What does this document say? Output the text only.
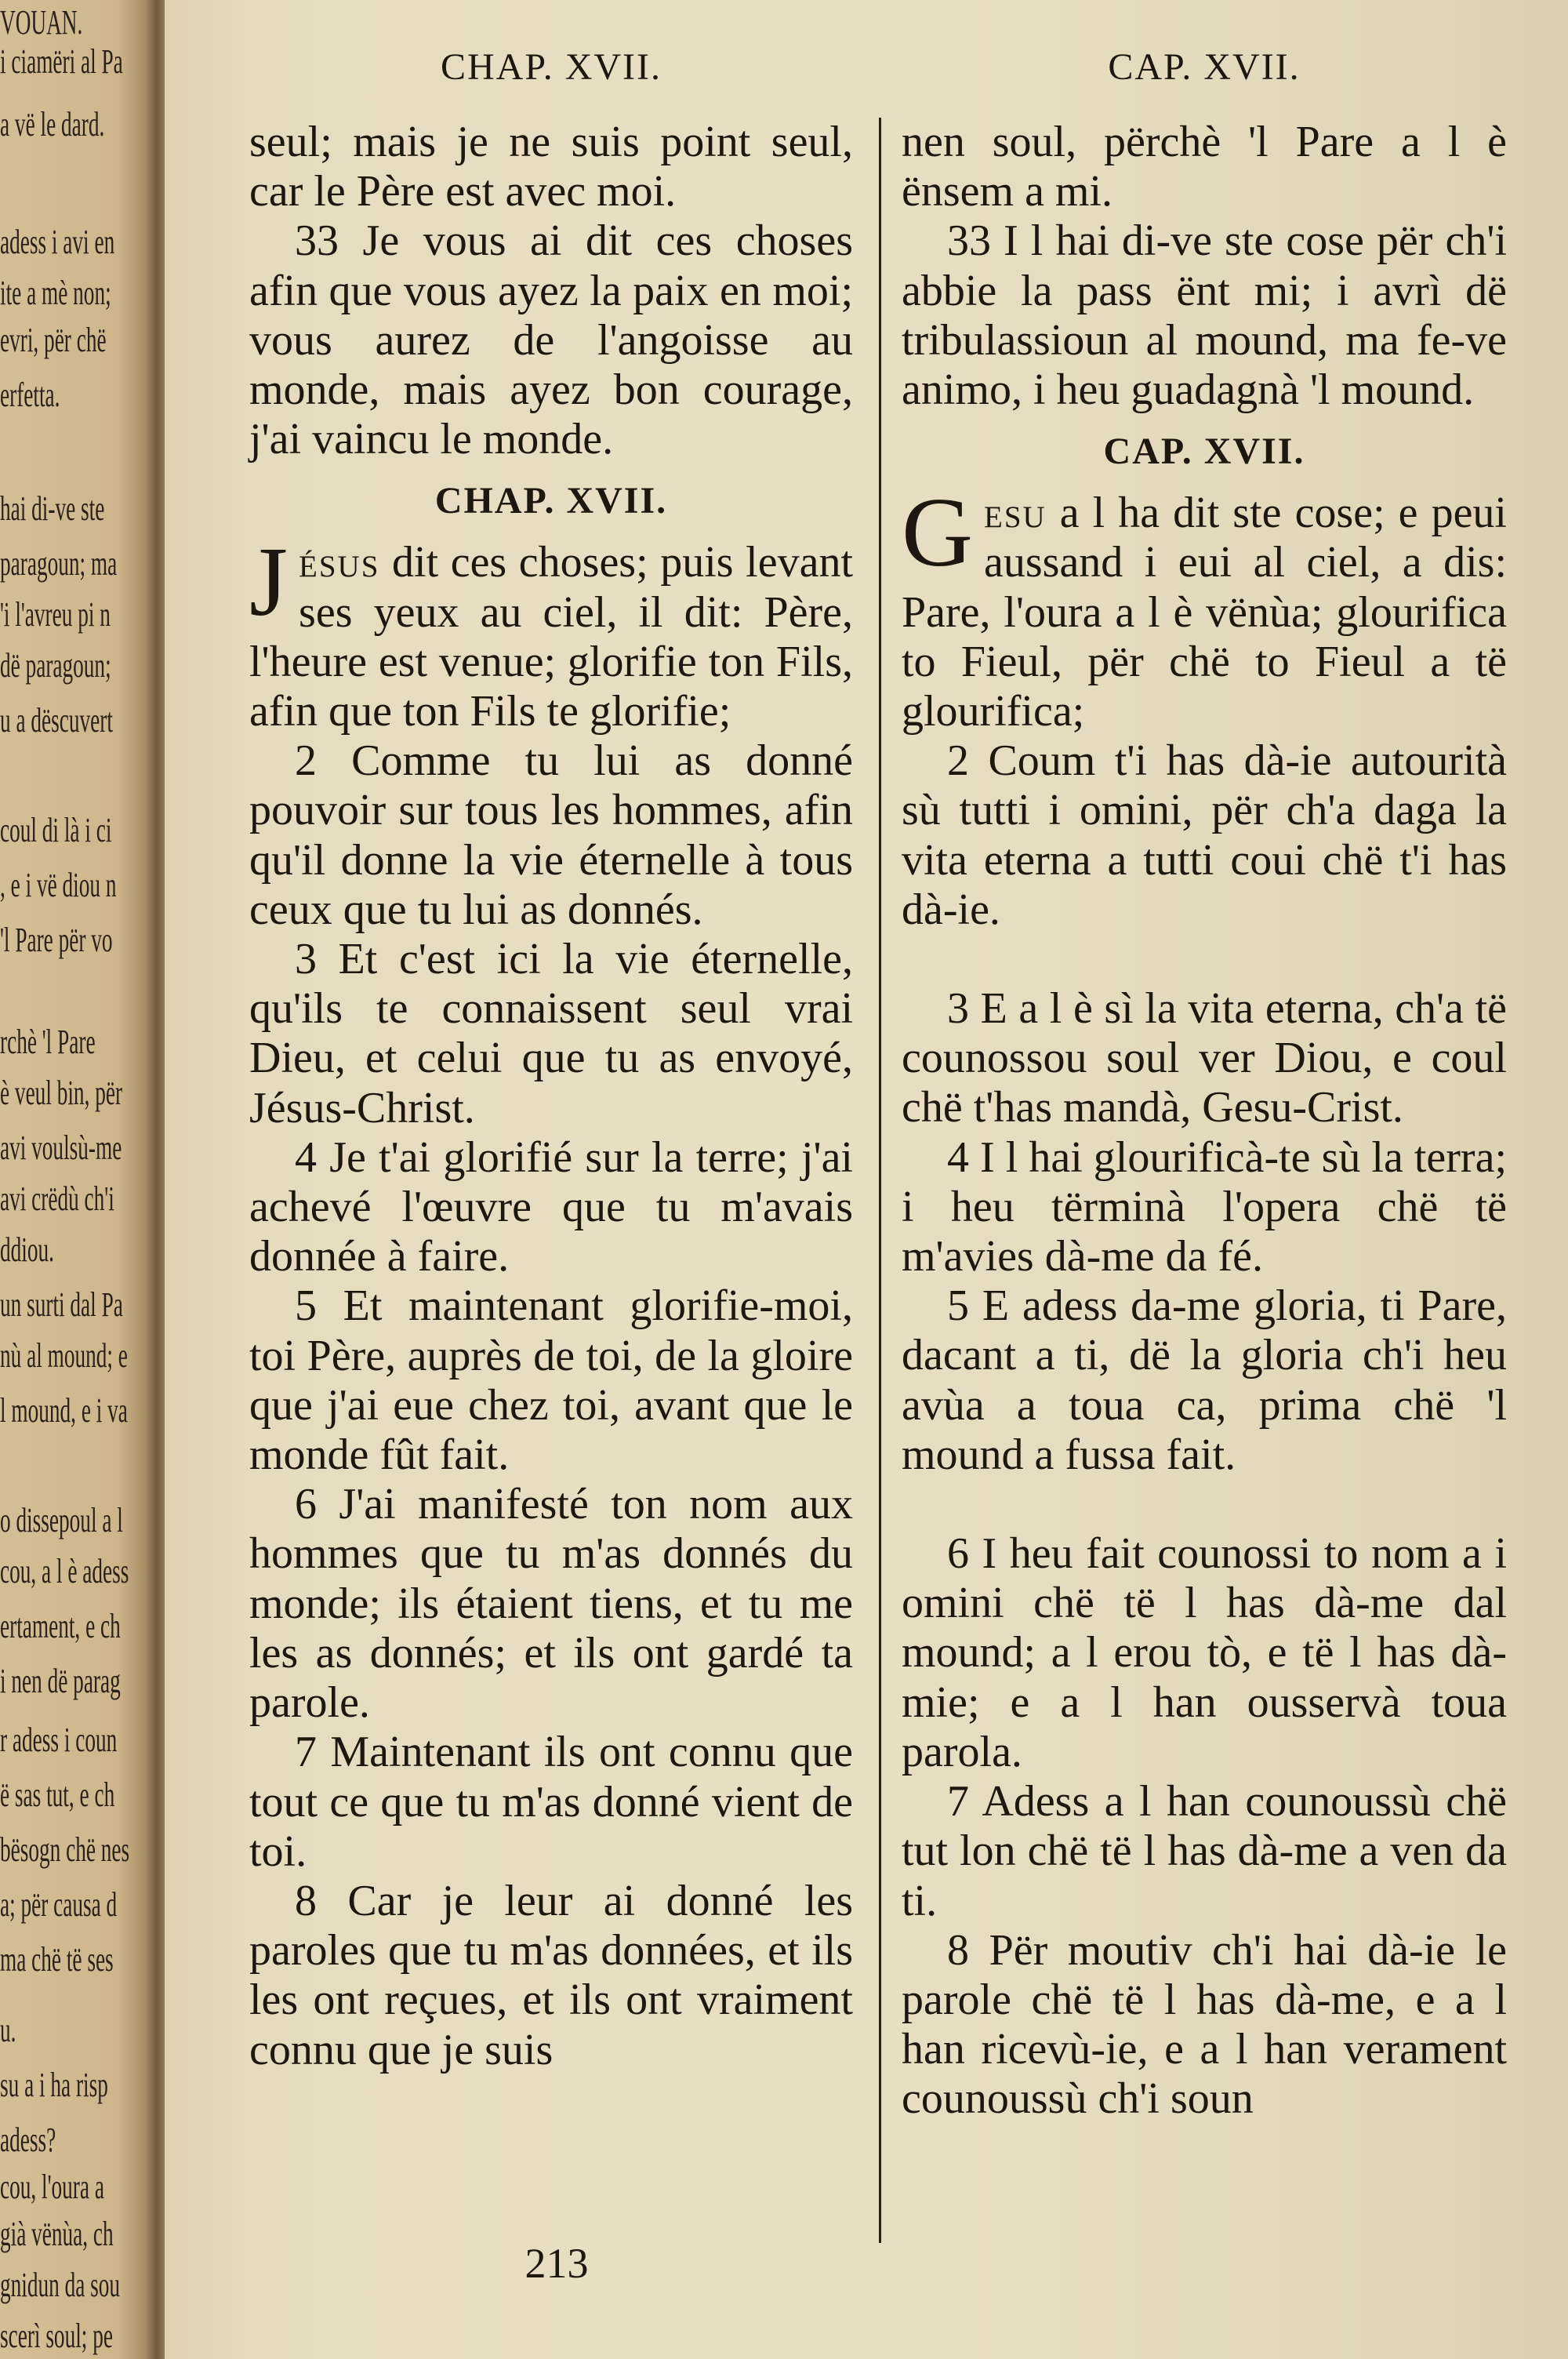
VOUAN.
i ciamëri al Pa
a vë le dard.
adess i avi en
ite a mè non;
evri, për chë
erfetta.
hai di-ve ste
paragoun; ma
'i l'avreu pi n
dë paragoun;
u a dëscuvert
coul di là i ci
, e i vë diou n
'l Pare për vo
rchè 'l Pare
è veul bin, për
avi voulsù-me
avi crëdù ch'i
ddiou.
un surti dal Pa
nù al mound; e
l mound, e i va
o dissepoul a l
cou, a l è adess
ertament, e ch
i nen dë parag
r adess i coun
ë sas tut, e ch
bësogn chë nes
a; për causa d
ma chë të ses
u.
su a i ha risp
adess?
cou, l'oura a
già vënùa, ch
gnidun da sou
scerì soul; pe
CHAP. XVII.	CAP. XVII.

seul; mais je ne suis point seul, car le Père est avec moi.

33 Je vous ai dit ces choses afin que vous ayez la paix en moi; vous aurez de l'angoisse au monde, mais ayez bon courage, j'ai vaincu le monde.

CHAP. XVII.

Jésus dit ces choses; puis levant ses yeux au ciel, il dit: Père, l'heure est venue; glorifie ton Fils, afin que ton Fils te glorifie;

2 Comme tu lui as donné pouvoir sur tous les hommes, afin qu'il donne la vie éternelle à tous ceux que tu lui as donnés.

3 Et c'est ici la vie éternelle, qu'ils te connaissent seul vrai Dieu, et celui que tu as envoyé, Jésus-Christ.

4 Je t'ai glorifié sur la terre; j'ai achevé l'œuvre que tu m'avais donnée à faire.

5 Et maintenant glorifie-moi, toi Père, auprès de toi, de la gloire que j'ai eue chez toi, avant que le monde fût fait.

6 J'ai manifesté ton nom aux hommes que tu m'as donnés du monde; ils étaient tiens, et tu me les as donnés; et ils ont gardé ta parole.

7 Maintenant ils ont connu que tout ce que tu m'as donné vient de toi.

8 Car je leur ai donné les paroles que tu m'as données, et ils les ont reçues, et ils ont vraiment connu que je suis

nen soul, përchè 'l Pare a l è ënsem a mi.

33 I l hai di-ve ste cose për ch'i abbie la pass ënt mi; i avrì dë tribulassioun al mound, ma fe-ve animo, i heu guadagnà 'l mound.

CAP. XVII.

Gesu a l ha dit ste cose; e peui aussand i eui al ciel, a dis: Pare, l'oura a l è vënùa; glourifica to Fieul, për chë to Fieul a të glourifica;

2 Coum t'i has dà-ie autourità sù tutti i omini, për ch'a daga la vita eterna a tutti coui chë t'i has dà-ie.

3 E a l è sì la vita eterna, ch'a të counossou soul ver Diou, e coul chë t'has mandà, Gesu-Crist.

4 I l hai glourificà-te sù la terra; i heu tërminà l'opera chë të m'avies dà-me da fé.

5 E adess da-me gloria, ti Pare, dacant a ti, dë la gloria ch'i heu avùa a toua ca, prima chë 'l mound a fussa fait.

6 I heu fait counossi to nom a i omini chë të l has dà-me dal mound; a l erou tò, e të l has dà-mie; e a l han ousservà toua parola.

7 Adess a l han counoussù chë tut lon chë të l has dà-me a ven da ti.

8 Për moutiv ch'i hai dà-ie le parole chë të l has dà-me, e a l han ricevù-ie, e a l han verament counoussù ch'i soun

213
